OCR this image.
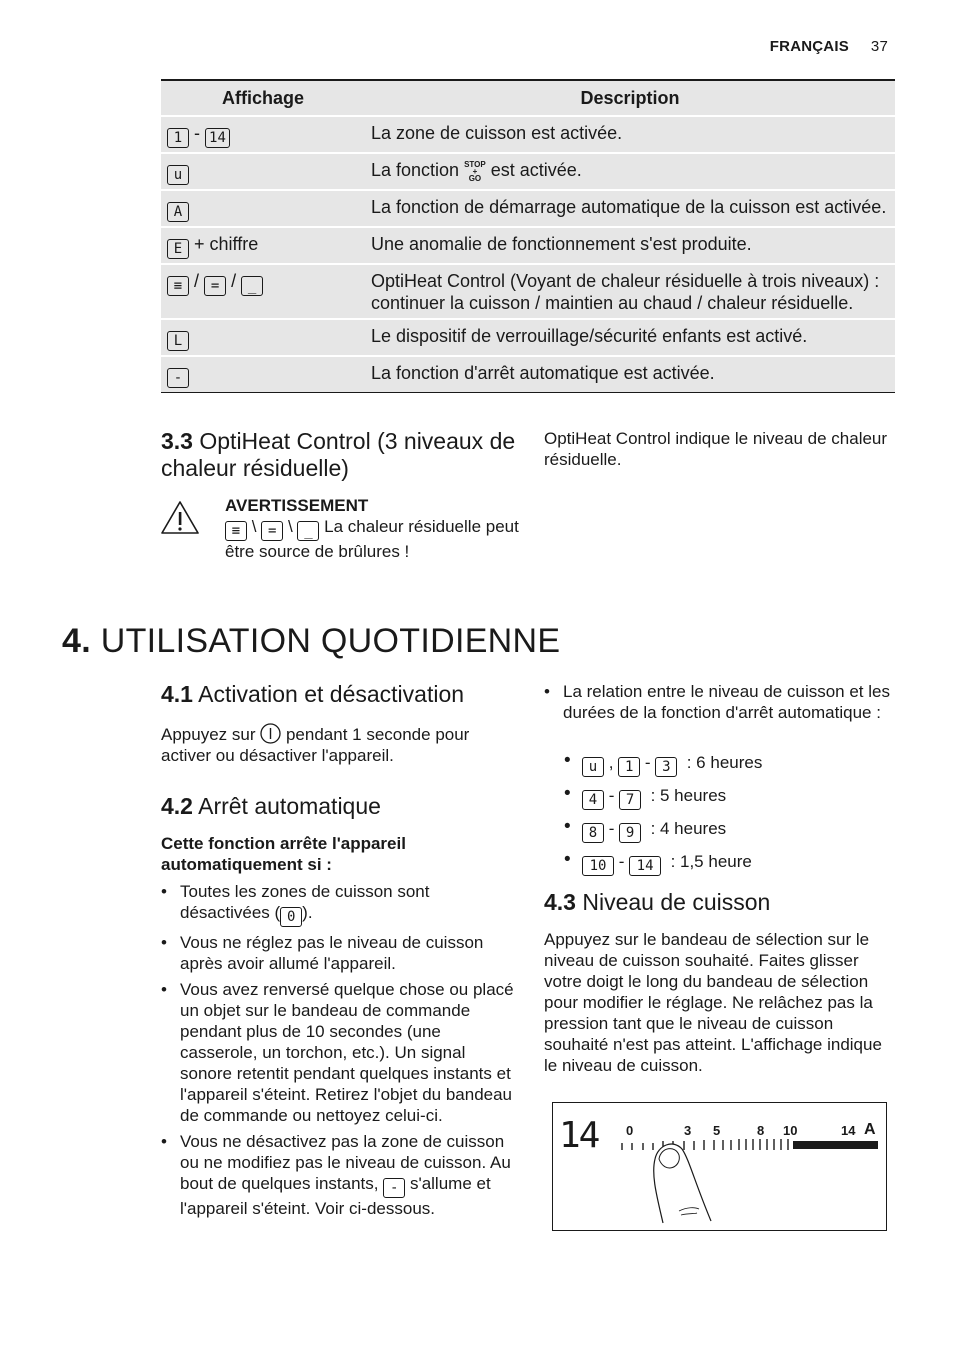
FRANÇAIS 37
Affichage	Description
1 - 14	La zone de cuisson est activée.
u	La fonction STOP
+
GO est activée.
A	La fonction de démarrage automatique de la cuisson est activée.
E + chiffre	Une anomalie de fonctionnement s'est produite.
≡ / = / _	OptiHeat Control (Voyant de chaleur résiduelle à trois niveaux) : continuer la cuisson / maintien au chaud / chaleur résiduelle.
L	Le dispositif de verrouillage/sécurité enfants est activé.
-	La fonction d'arrêt automatique est activée.
3.3 OptiHeat Control (3 niveaux de chaleur résiduelle)
OptiHeat Control indique le niveau de chaleur résiduelle.
AVERTISSEMENT
≡ \ = \ _ La chaleur résiduelle peut être source de brûlures !
4. UTILISATION QUOTIDIENNE
4.1 Activation et désactivation
Appuyez sur pendant 1 seconde pour activer ou désactiver l'appareil.
4.2 Arrêt automatique
Cette fonction arrête l'appareil automatiquement si :
• Toutes les zones de cuisson sont désactivées ( 0 ).
• Vous ne réglez pas le niveau de cuisson après avoir allumé l'appareil.
• Vous avez renversé quelque chose ou placé un objet sur le bandeau de commande pendant plus de 10 secondes (une casserole, un torchon, etc.). Un signal sonore retentit pendant quelques instants et l'appareil s'éteint. Retirez l'objet du bandeau de commande ou nettoyez celui-ci.
• Vous ne désactivez pas la zone de cuisson ou ne modifiez pas le niveau de cuisson. Au bout de quelques instants, - s'allume et l'appareil s'éteint. Voir ci-dessous.
• La relation entre le niveau de cuisson et les durées de la fonction d'arrêt automatique :
• u , 1 - 3 : 6 heures
• 4 - 7 : 5 heures
• 8 - 9 : 4 heures
• 10 - 14 : 1,5 heure
4.3 Niveau de cuisson
Appuyez sur le bandeau de sélection sur le niveau de cuisson souhaité. Faites glisser votre doigt le long du bandeau de sélection pour modifier le réglage. Ne relâchez pas la pression tant que le niveau de cuisson souhaité n'est pas atteint. L'affichage indique le niveau de cuisson.
14 0	3 5	8 10	14 A
